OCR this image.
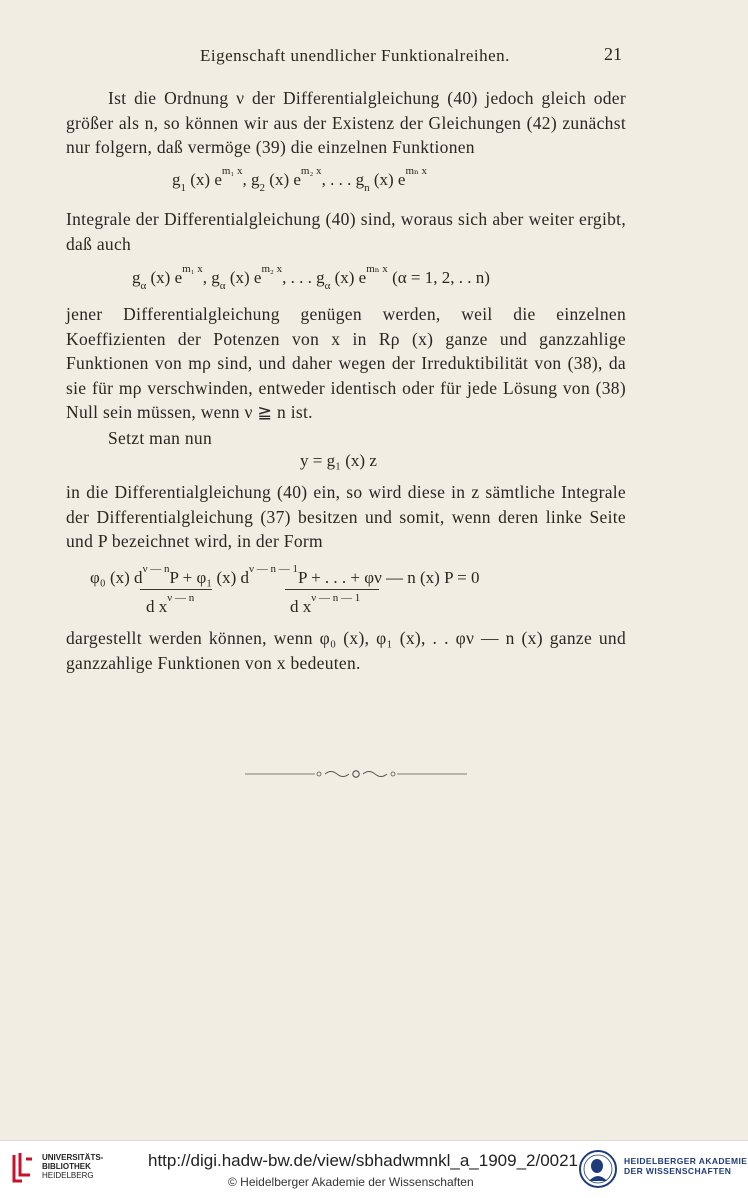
Eigenschaft unendlicher Funktionalreihen.	21
Ist die Ordnung ν der Differentialgleichung (40) jedoch gleich oder größer als n, so können wir aus der Existenz der Gleichungen (42) zunächst nur folgern, daß vermöge (39) die einzelnen Funktionen
$g_1$ (x) $e^{m_1 x}$, $g_2$ (x) $e^{m_2 x}$, . . . $g_n$ (x) $e^{m_n x}$
Integrale der Differentialgleichung (40) sind, woraus sich aber weiter ergibt, daß auch
$g_\alpha$ (x) $e^{m_1 x}$, $g_\alpha$ (x) $e^{m_2 x}$, . . . $g_\alpha$ (x) $e^{m_n x}$ (α = 1, 2, . . n)
jener Differentialgleichung genügen werden, weil die einzelnen Koeffizienten der Potenzen von x in Rρ (x) ganze und ganzzahlige Funktionen von mρ sind, und daher wegen der Irreduktibilität von (38), da sie für mρ verschwinden, entweder identisch oder für jede Lösung von (38) Null sein müssen, wenn ν ≧ n ist.
Setzt man nun
y = g₁ (x) z
in die Differentialgleichung (40) ein, so wird diese in z sämtliche Integrale der Differentialgleichung (37) besitzen und somit, wenn deren linke Seite und P bezeichnet wird, in der Form
φ₀ (x) $d^{\nu — n}P + \varphi_1$ (x) $d^{\nu — n — 1}P$ + . . . + φν — n (x) P = 0
d $x^{\nu — n}$	d $x^{\nu — n — 1}$
dargestellt werden können, wenn φ₀ (x), φ₁ (x), . . φν — n (x) ganze und ganzzahlige Funktionen von x bedeuten.
UNIVERSITÄTS-
BIBLIOTHEK
HEIDELBERG
http://digi.hadw-bw.de/view/sbhadwmnkl_a_1909_2/0021
© Heidelberger Akademie der Wissenschaften
HEIDELBERGER AKADEMIE
DER WISSENSCHAFTEN
